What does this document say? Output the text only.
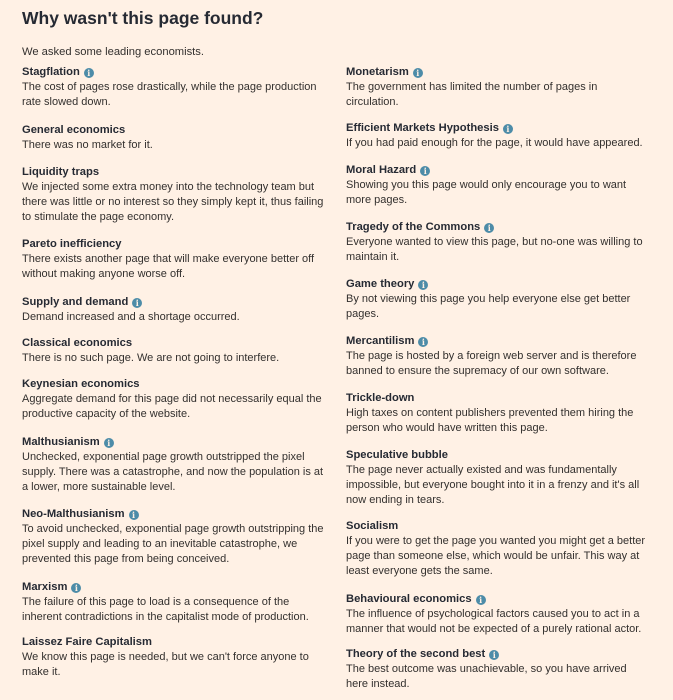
Why wasn't this page found?

We asked some leading economists.

Stagflation i

The cost of pages rose drastically, while the page production rate slowed down.

General economics

There was no market for it.

Liquidity traps

We injected some extra money into the technology team but there was little or no interest so they simply kept it, thus failing to stimulate the page economy.

Pareto inefficiency

There exists another page that will make everyone better off without making anyone worse off.

Supply and demand i

Demand increased and a shortage occurred.

Classical economics

There is no such page. We are not going to interfere.

Keynesian economics

Aggregate demand for this page did not necessarily equal the productive capacity of the website.

Malthusianism i

Unchecked, exponential page growth outstripped the pixel supply. There was a catastrophe, and now the population is at a lower, more sustainable level.

Neo-Malthusianism i

To avoid unchecked, exponential page growth outstripping the pixel supply and leading to an inevitable catastrophe, we prevented this page from being conceived.

Marxism i

The failure of this page to load is a consequence of the inherent contradictions in the capitalist mode of production.

Laissez Faire Capitalism

We know this page is needed, but we can't force anyone to make it.

Monetarism i

The government has limited the number of pages in circulation.

Efficient Markets Hypothesis i

If you had paid enough for the page, it would have appeared.

Moral Hazard i

Showing you this page would only encourage you to want more pages.

Tragedy of the Commons i

Everyone wanted to view this page, but no-one was willing to maintain it.

Game theory i

By not viewing this page you help everyone else get better pages.

Mercantilism i

The page is hosted by a foreign web server and is therefore banned to ensure the supremacy of our own software.

Trickle-down

High taxes on content publishers prevented them hiring the person who would have written this page.

Speculative bubble

The page never actually existed and was fundamentally impossible, but everyone bought into it in a frenzy and it's all now ending in tears.

Socialism

If you were to get the page you wanted you might get a better page than someone else, which would be unfair. This way at least everyone gets the same.

Behavioural economics i

The influence of psychological factors caused you to act in a manner that would not be expected of a purely rational actor.

Theory of the second best i

The best outcome was unachievable, so you have arrived here instead.
